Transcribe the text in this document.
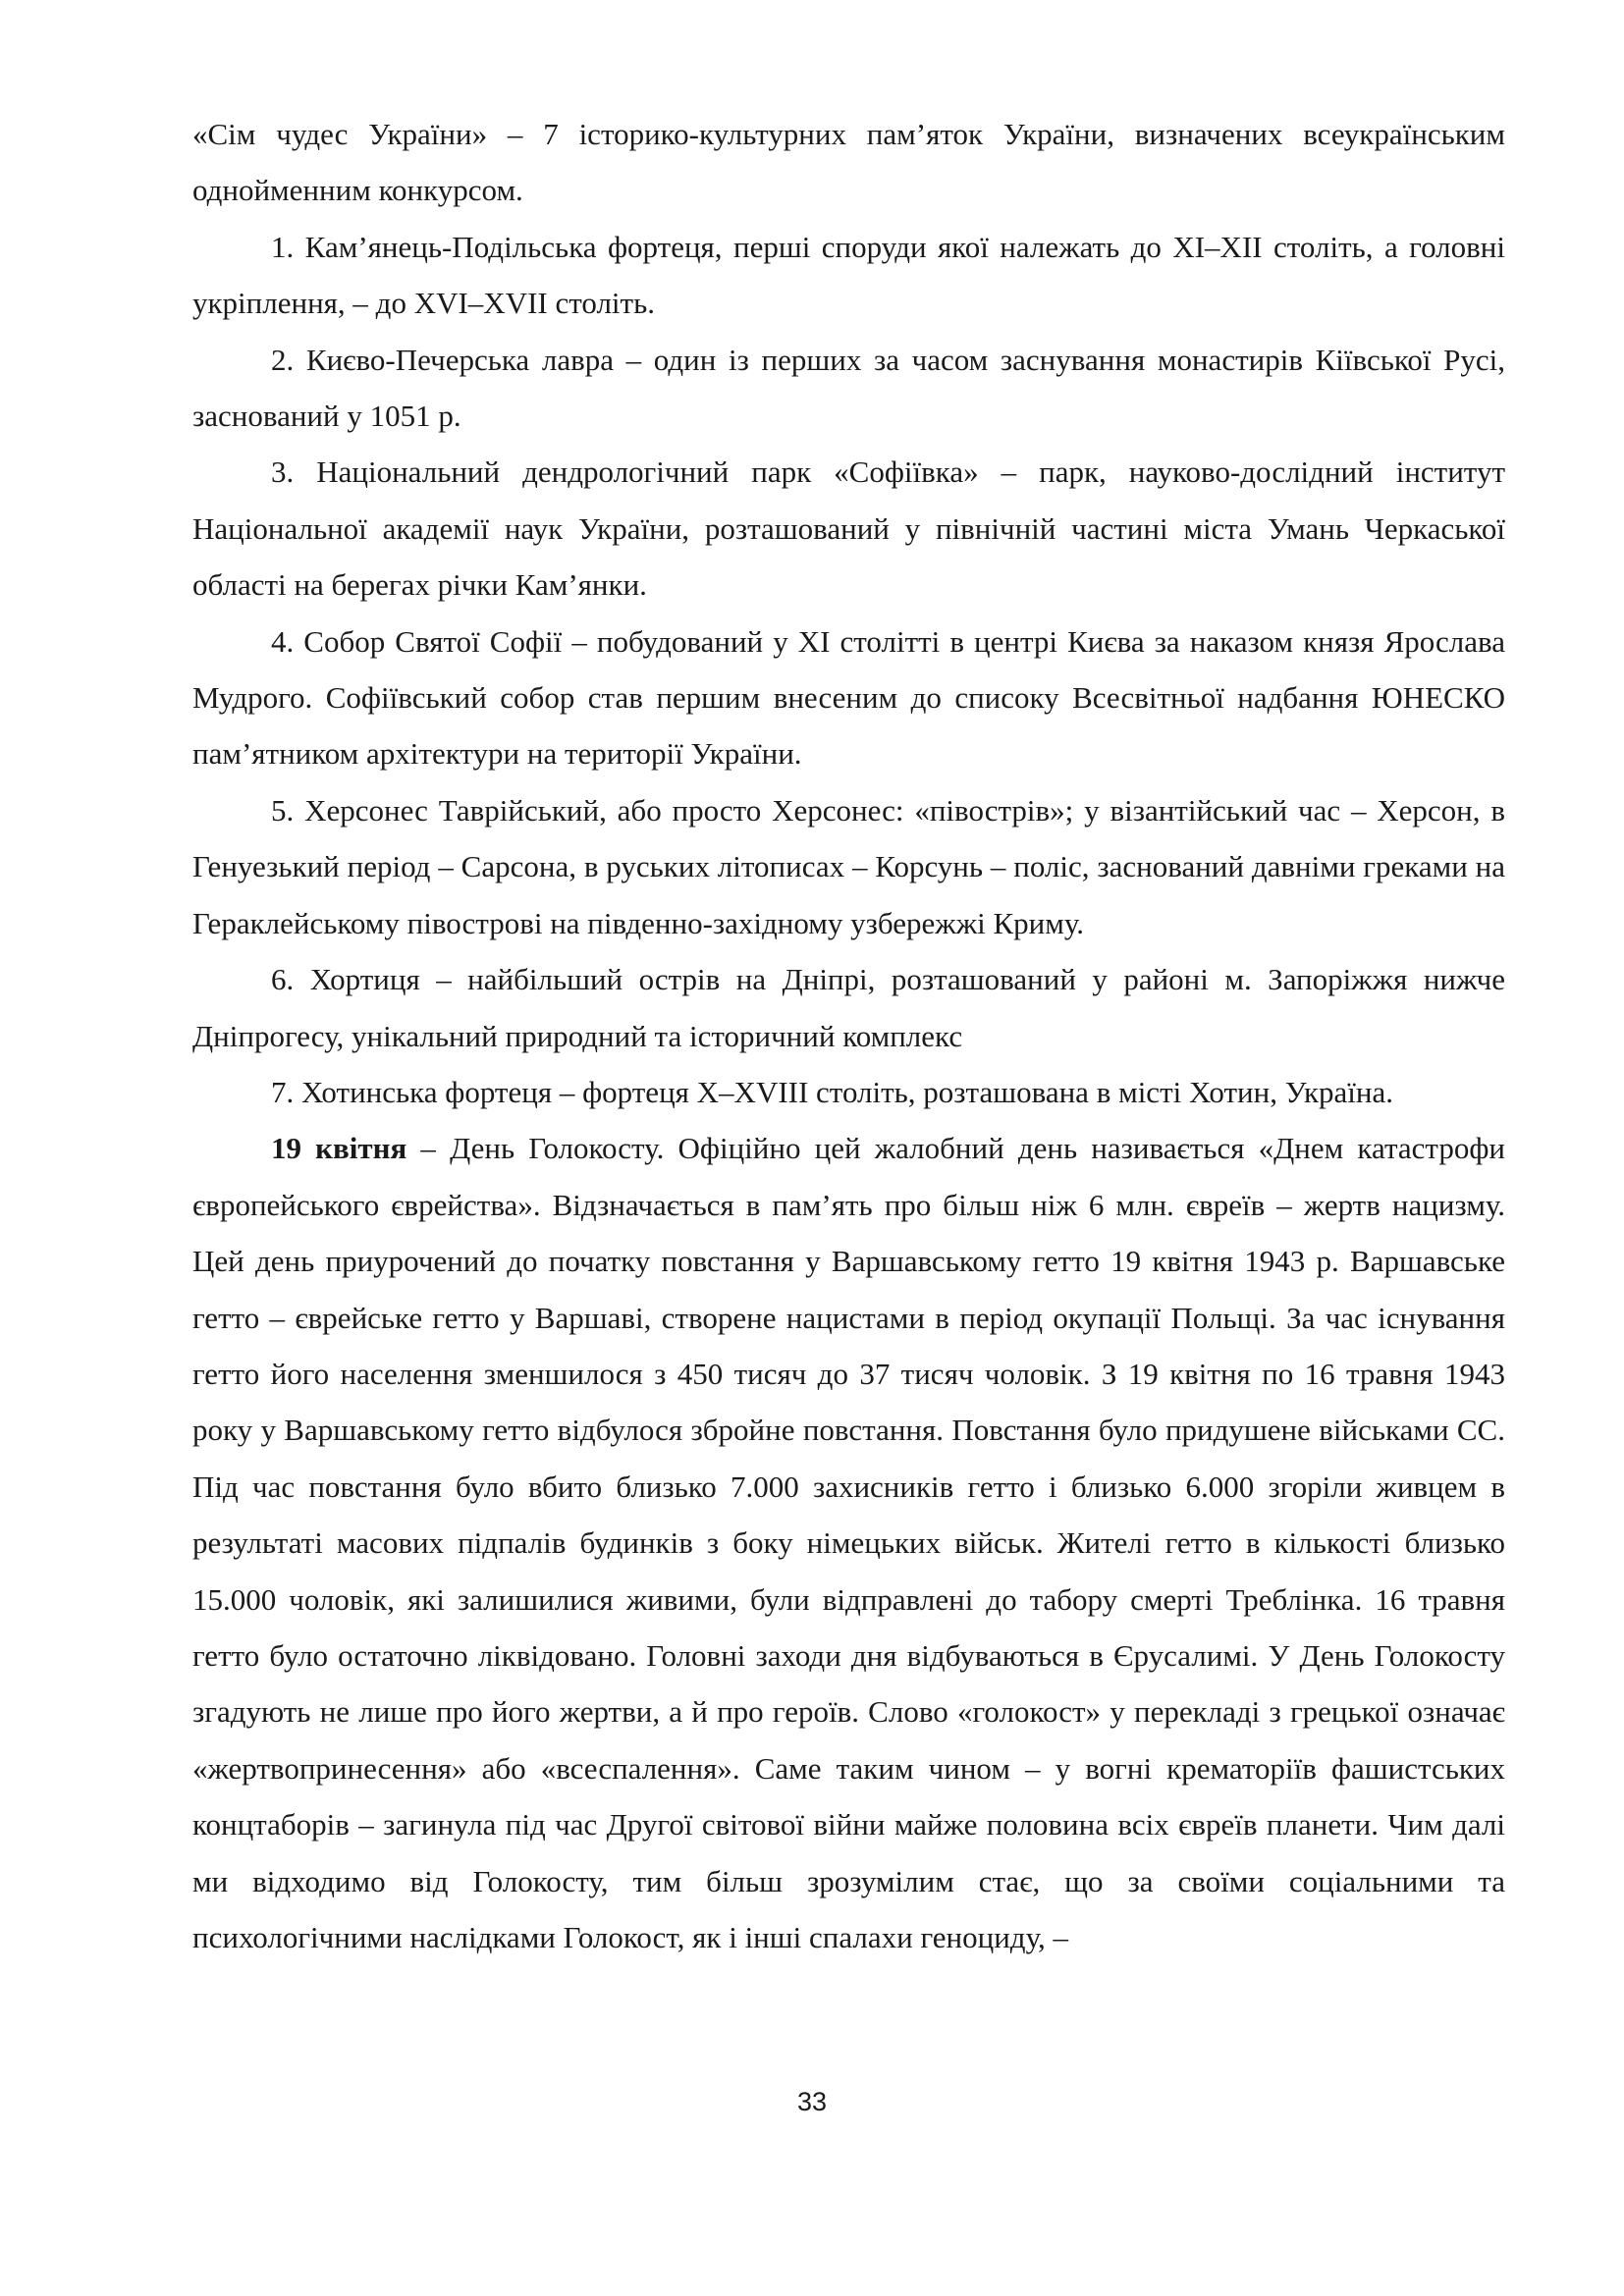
«Сім чудес України» – 7 історико-культурних пам’яток України, визначених всеукраїнським однойменним конкурсом.

1. Кам’янець-Подільська фортеця, перші споруди якої належать до XI–XII століть, а головні укріплення, – до XVI–XVII століть.

2. Києво-Печерська лавра – один із перших за часом заснування монастирів Кіївської Русі, заснований у 1051 р.

3. Національний дендрологічний парк «Софіївка» – парк, науково-дослідний інститут Національної академії наук України, розташований у північній частині міста Умань Черкаської області на берегах річки Кам’янки.

4. Собор Святої Софії – побудований у XI столітті в центрі Києва за наказом князя Ярослава Мудрого. Софіївський собор став першим внесеним до списоку Всесвітньої надбання ЮНЕСКО пам’ятником архітектури на території України.

5. Херсонес Таврійський, або просто Херсонес: «півострів»; у візантійський час – Херсон, в Генуезький період – Сарсона, в руських літописах – Корсунь – поліс, заснований давніми греками на Гераклейському півострові на південно-західному узбережжі Криму.

6. Хортиця – найбільший острів на Дніпрі, розташований у районі м. Запоріжжя нижче Дніпрогесу, унікальний природний та історичний комплекс

7. Хотинська фортеця – фортеця X–XVIII століть, розташована в місті Хотин, Україна.

19 квітня – День Голокосту. Офіційно цей жалобний день називається «Днем катастрофи європейського єврейства». Відзначається в пам’ять про більш ніж 6 млн. євреїв – жертв нацизму. Цей день приурочений до початку повстання у Варшавському гетто 19 квітня 1943 р. Варшавське гетто – єврейське гетто у Варшаві, створене нацистами в період окупації Польщі. За час існування гетто його населення зменшилося з 450 тисяч до 37 тисяч чоловік. З 19 квітня по 16 травня 1943 року у Варшавському гетто відбулося збройне повстання. Повстання було придушене військами СС. Під час повстання було вбито близько 7.000 захисників гетто і близько 6.000 згоріли живцем в результаті масових підпалів будинків з боку німецьких військ. Жителі гетто в кількості близько 15.000 чоловік, які залишилися живими, були відправлені до табору смерті Треблінка. 16 травня гетто було остаточно ліквідовано. Головні заходи дня відбуваються в Єрусалимі. У День Голокосту згадують не лише про його жертви, а й про героїв. Слово «голокост» у перекладі з грецької означає «жертвопринесення» або «всеспалення». Саме таким чином – у вогні крематоріїв фашистських концтаборів – загинула під час Другої світової війни майже половина всіх євреїв планети. Чим далі ми відходимо від Голокосту, тим більш зрозумілим стає, що за своїми соціальними та психологічними наслідками Голокост, як і інші спалахи геноциду, –

33
